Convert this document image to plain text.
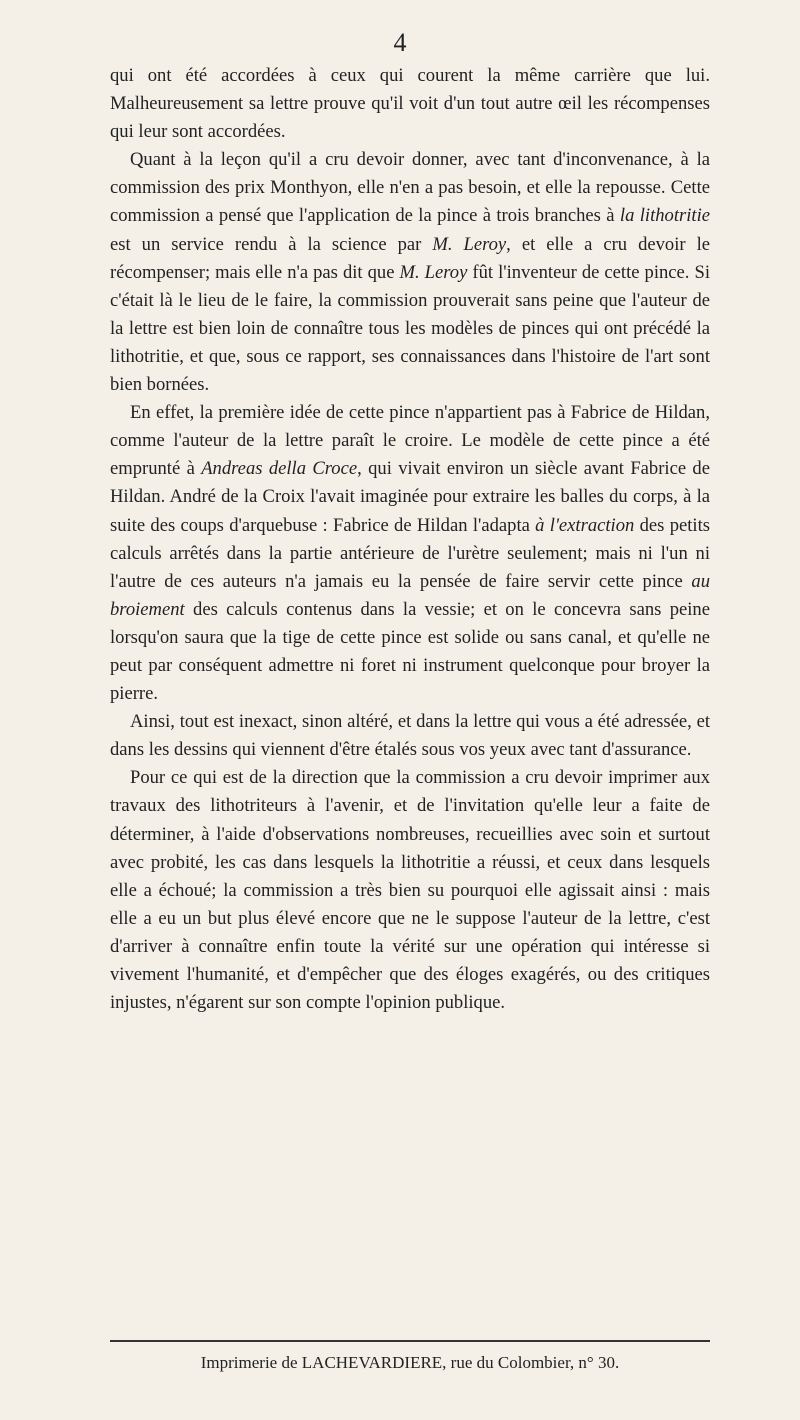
4

qui ont été accordées à ceux qui courent la même carrière que lui. Malheureusement sa lettre prouve qu'il voit d'un tout autre œil les récompenses qui leur sont accordées.

Quant à la leçon qu'il a cru devoir donner, avec tant d'inconvenance, à la commission des prix Monthyon, elle n'en a pas besoin, et elle la repousse. Cette commission a pensé que l'application de la pince à trois branches à la lithotritie est un service rendu à la science par M. Leroy, et elle a cru devoir le récompenser; mais elle n'a pas dit que M. Leroy fût l'inventeur de cette pince. Si c'était là le lieu de le faire, la commission prouverait sans peine que l'auteur de la lettre est bien loin de connaître tous les modèles de pinces qui ont précédé la lithotritie, et que, sous ce rapport, ses connaissances dans l'histoire de l'art sont bien bornées.

En effet, la première idée de cette pince n'appartient pas à Fabrice de Hildan, comme l'auteur de la lettre paraît le croire. Le modèle de cette pince a été emprunté à Andreas della Croce, qui vivait environ un siècle avant Fabrice de Hildan. André de la Croix l'avait imaginée pour extraire les balles du corps, à la suite des coups d'arquebuse : Fabrice de Hildan l'adapta à l'extraction des petits calculs arrêtés dans la partie antérieure de l'urètre seulement; mais ni l'un ni l'autre de ces auteurs n'a jamais eu la pensée de faire servir cette pince au broiement des calculs contenus dans la vessie; et on le concevra sans peine lorsqu'on saura que la tige de cette pince est solide ou sans canal, et qu'elle ne peut par conséquent admettre ni foret ni instrument quelconque pour broyer la pierre.

Ainsi, tout est inexact, sinon altéré, et dans la lettre qui vous a été adressée, et dans les dessins qui viennent d'être étalés sous vos yeux avec tant d'assurance.

Pour ce qui est de la direction que la commission a cru devoir imprimer aux travaux des lithotriteurs à l'avenir, et de l'invitation qu'elle leur a faite de déterminer, à l'aide d'observations nombreuses, recueillies avec soin et surtout avec probité, les cas dans lesquels la lithotritie a réussi, et ceux dans lesquels elle a échoué; la commission a très bien su pourquoi elle agissait ainsi : mais elle a eu un but plus élevé encore que ne le suppose l'auteur de la lettre, c'est d'arriver à connaître enfin toute la vérité sur une opération qui intéresse si vivement l'humanité, et d'empêcher que des éloges exagérés, ou des critiques injustes, n'égarent sur son compte l'opinion publique.

Imprimerie de LACHEVARDIERE, rue du Colombier, n° 30.
